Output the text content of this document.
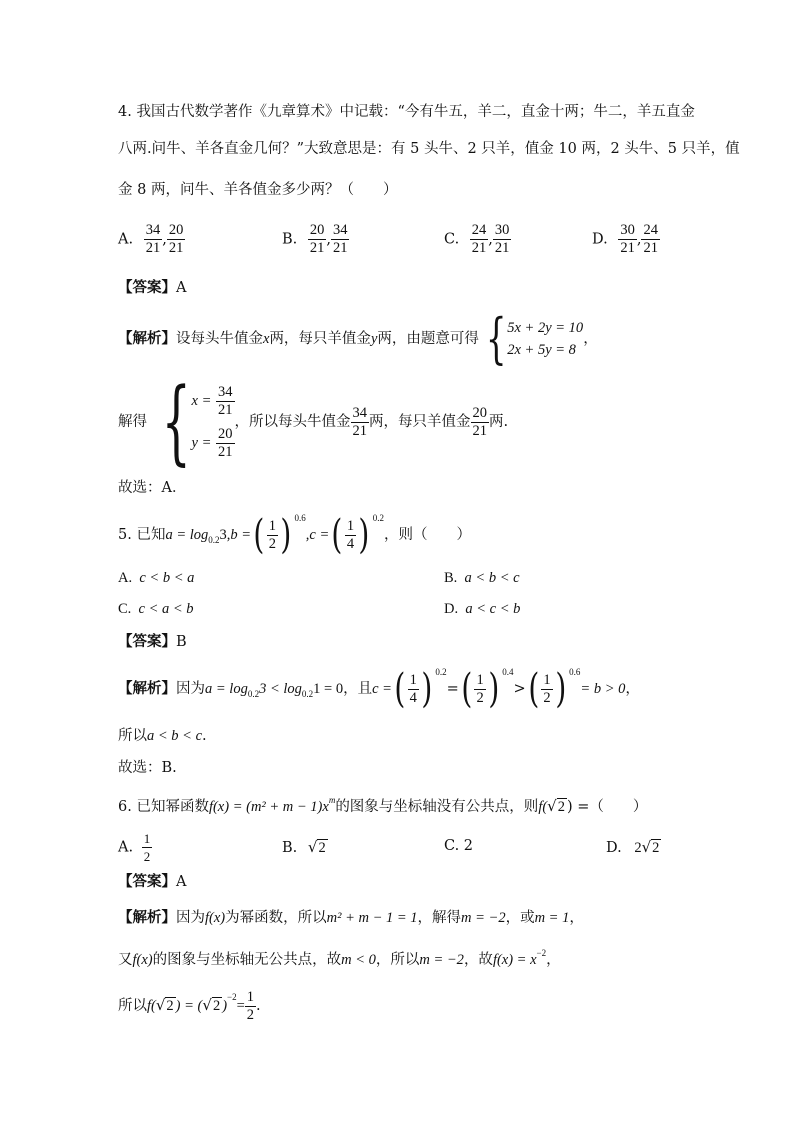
4. 我国古代数学著作《九章算术》中记载：“今有牛五，羊二，直金十两；牛二，羊五直金
八两.问牛、羊各直金几何？”大致意思是：有 5 头牛、2 只羊，值金 10 两，2 头牛、5 只羊，值
金 8 两，问牛、羊各值金多少两？（　　）
A. $\frac{34}{21}$ , $\frac{20}{21}$	B. $\frac{20}{21}$ , $\frac{34}{21}$	C. $\frac{24}{21}$ , $\frac{30}{21}$	D. $\frac{30}{21}$ , $\frac{24}{21}$
【答案】A
【解析】设每头牛值金x两，每只羊值金y两，由题意可得 { 5x + 2y = 10
2x + 5y = 8
，
解得 { $x = \frac{34}{21}$
$y = \frac{20}{21}$
，所以每头牛值金 $\frac{34}{21}$ 两，每只羊值金 $\frac{20}{21}$ 两.
故选：A．
5. 已知$a = \log_{0.2}3,b$ =( $\frac{1}{2}$ ) $^{0.6}$,c =( $\frac{1}{4}$ ) $^{0.2}$，则（　　）
A. c < b < a	B. a < b < c
C. c < a < b	D. a < c < b
【答案】B
【解析】因为$a = \log_{0.2}3 < \log_{0.2}1 = 0$，且c =( $\frac{1}{4}$ ) $^{0.2}=( \frac{1}{2}$ ) $^{0.4}>( \frac{1}{2}$ ) $^{0.6}$= b > 0，
所以a < b < c.
故选：B.
6. 已知幂函数$f(x) = (m^2 + m - 1)x^m$的图象与坐标轴没有公共点，则f(√2 ) =（　　）
A. $\frac{1}{2}$	B. √2	C. 2	D. 2√2
【答案】A
【解析】因为f(x)为幂函数，所以m² + m − 1 = 1，解得m = −2，或m = 1，
又f(x)的图象与坐标轴无公共点，故m < 0，所以m = −2，故$f(x) = x^{-2}$，
所以f(√2 ) = (√2 )$^{-2}= \frac{1}{2}$ .
